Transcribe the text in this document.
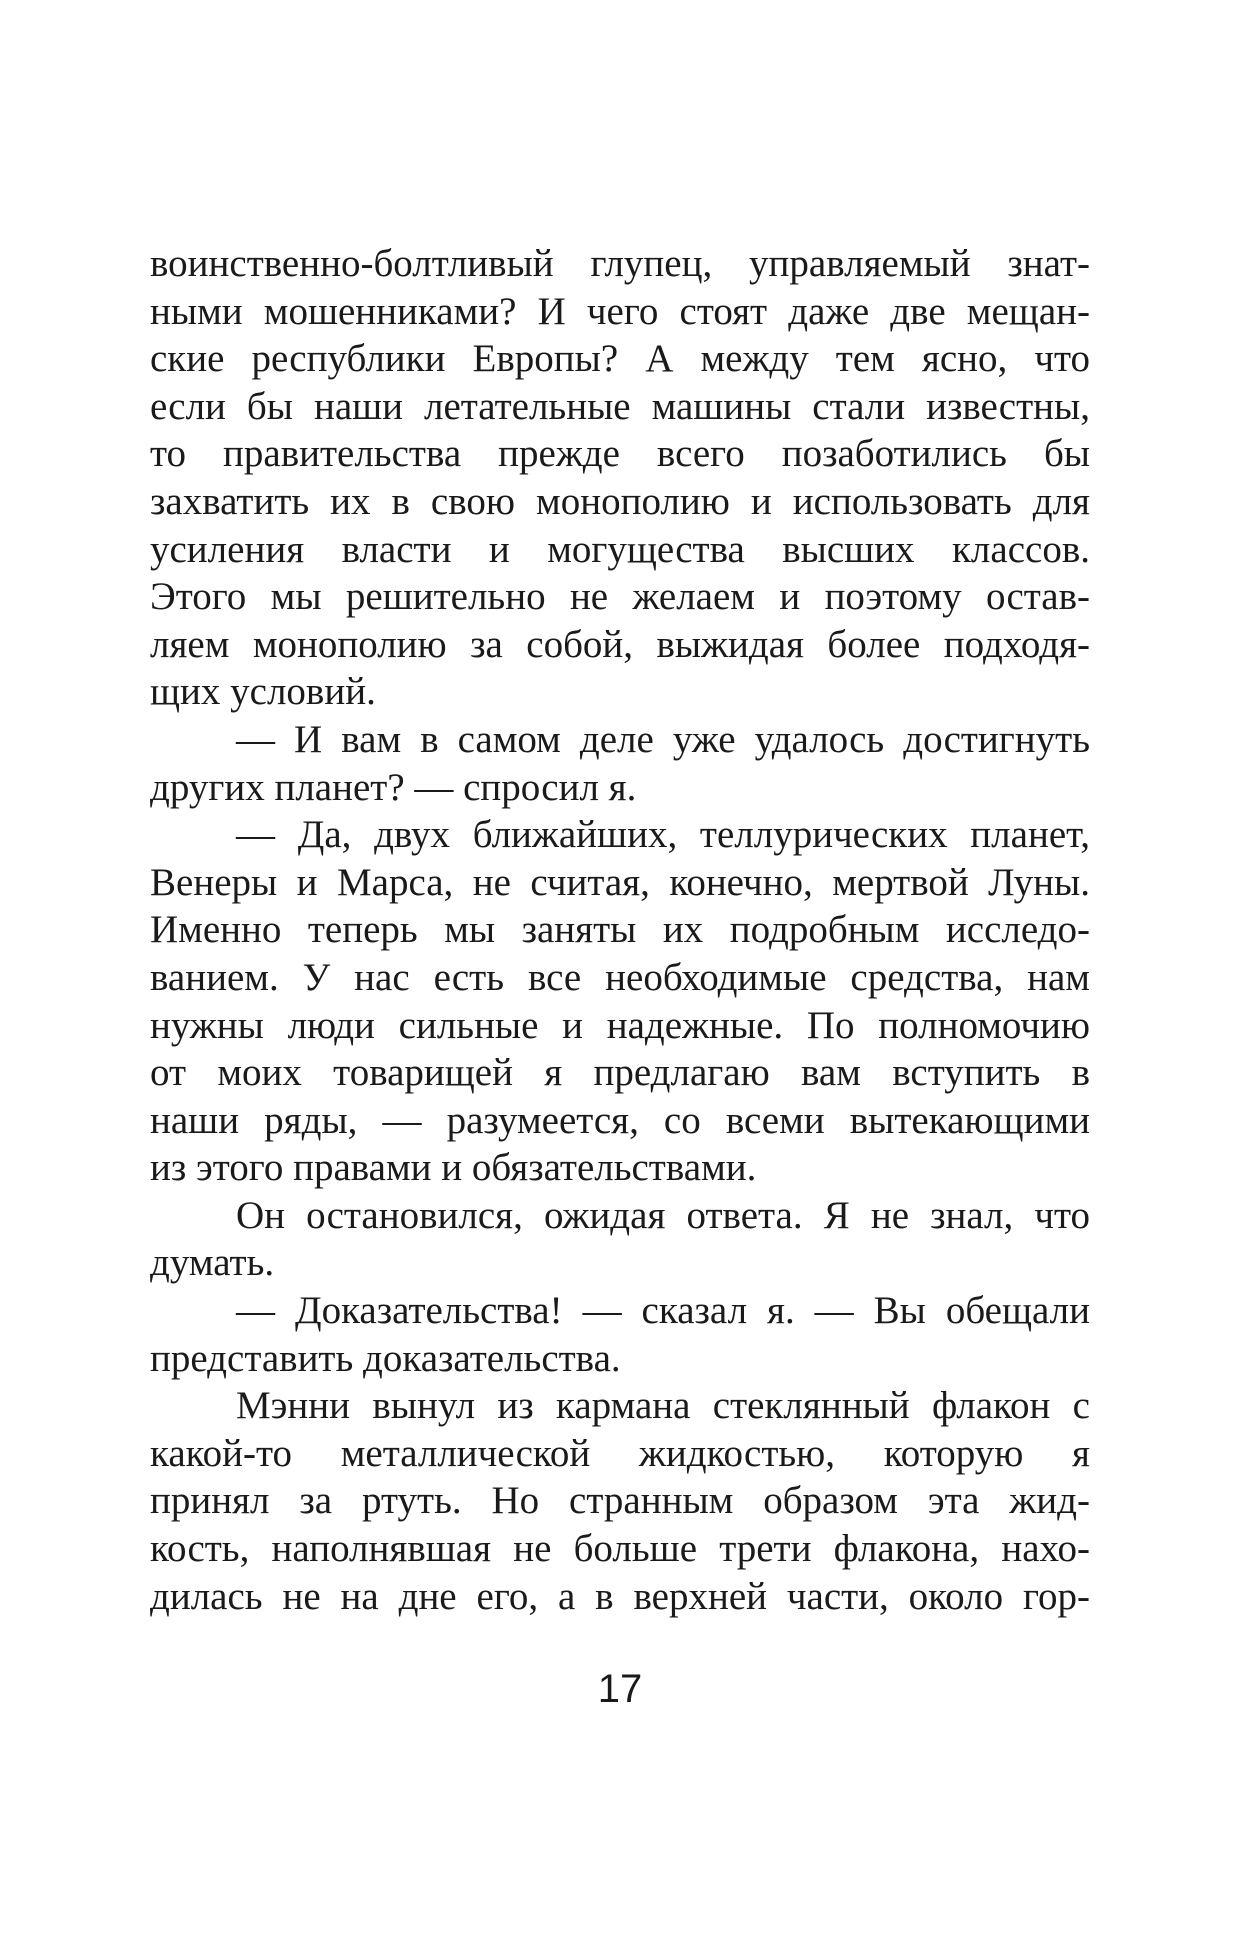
воинственно-болтливый глупец, управляемый знат-
ными мошенниками? И чего стоят даже две мещан-
ские республики Европы? А между тем ясно, что
если бы наши летательные машины стали известны,
то правительства прежде всего позаботились бы
захватить их в свою монополию и использовать для
усиления власти и могущества высших классов.
Этого мы решительно не желаем и поэтому остав-
ляем монополию за собой, выжидая более подходя-
щих условий.
— И вам в самом деле уже удалось достигнуть
других планет? — спросил я.
— Да, двух ближайших, теллурических планет,
Венеры и Марса, не считая, конечно, мертвой Луны.
Именно теперь мы заняты их подробным исследо-
ванием. У нас есть все необходимые средства, нам
нужны люди сильные и надежные. По полномочию
от моих товарищей я предлагаю вам вступить в
наши ряды, — разумеется, со всеми вытекающими
из этого правами и обязательствами.
Он остановился, ожидая ответа. Я не знал, что
думать.
— Доказательства! — сказал я. — Вы обещали
представить доказательства.
Мэнни вынул из кармана стеклянный флакон с
какой-то металлической жидкостью, которую я
принял за ртуть. Но странным образом эта жид-
кость, наполнявшая не больше трети флакона, нахо-
дилась не на дне его, а в верхней части, около гор-
17
